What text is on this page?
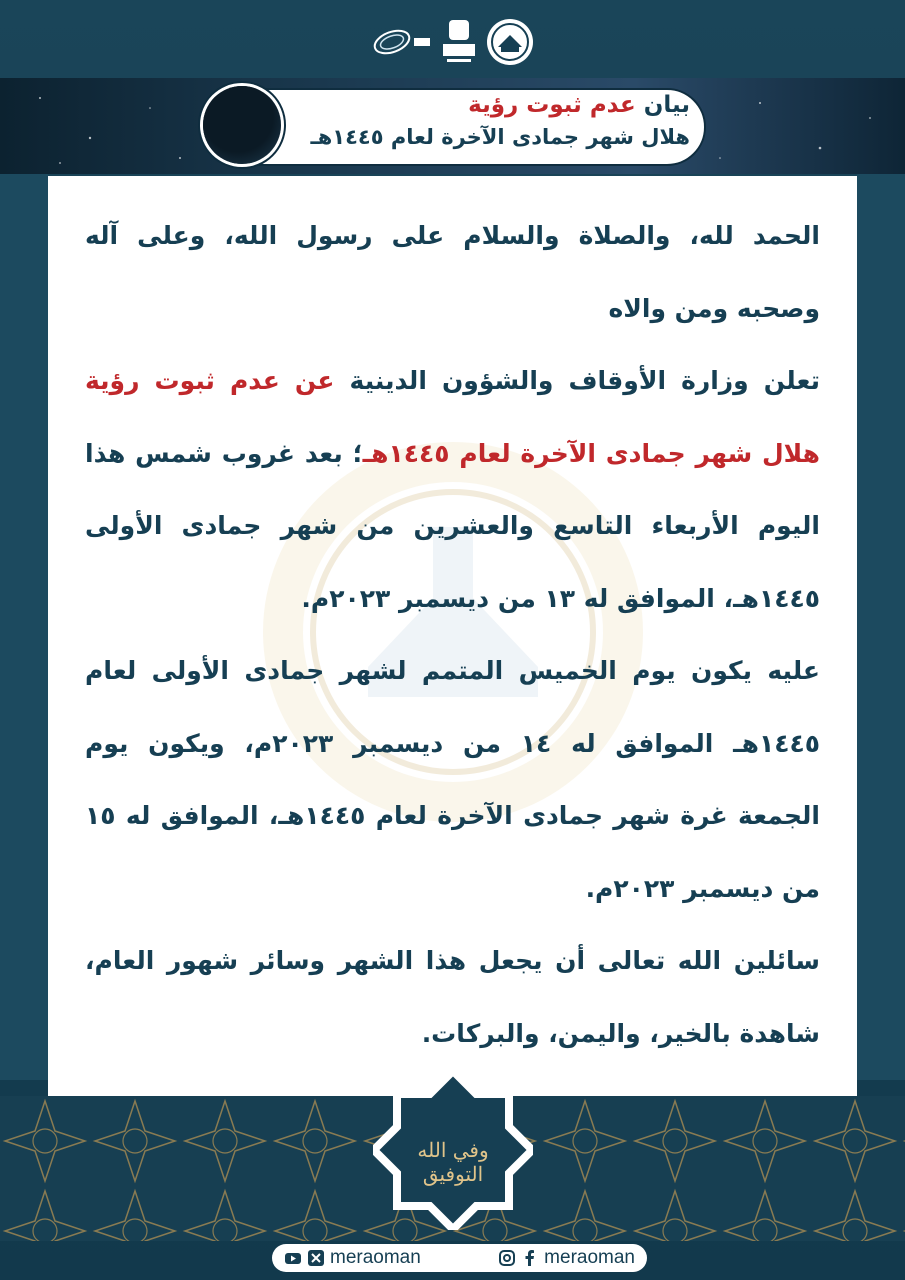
بيان عدم ثبوت رؤية
هلال شهر جمادى الآخرة لعام ١٤٤٥هـ

الحمد لله، والصلاة والسلام على رسول الله، وعلى آله وصحبه ومن والاه

تعلن وزارة الأوقاف والشؤون الدينية عن عدم ثبوت رؤية هلال شهر جمادى الآخرة لعام ١٤٤٥هـ؛ بعد غروب شمس هذا اليوم الأربعاء التاسع والعشرين من شهر جمادى الأولى ١٤٤٥هـ، الموافق له ١٣ من ديسمبر ٢٠٢٣م.

عليه يكون يوم الخميس المتمم لشهر جمادى الأولى لعام ١٤٤٥هـ الموافق له ١٤ من ديسمبر ٢٠٢٣م، ويكون يوم الجمعة غرة شهر جمادى الآخرة لعام ١٤٤٥هـ، الموافق له ١٥ من ديسمبر ٢٠٢٣م.

سائلين الله تعالى أن يجعل هذا الشهر وسائر شهور العام، شاهدة بالخير، واليمن، والبركات.

وفي الله التوفيق
meraoman	meraoman
